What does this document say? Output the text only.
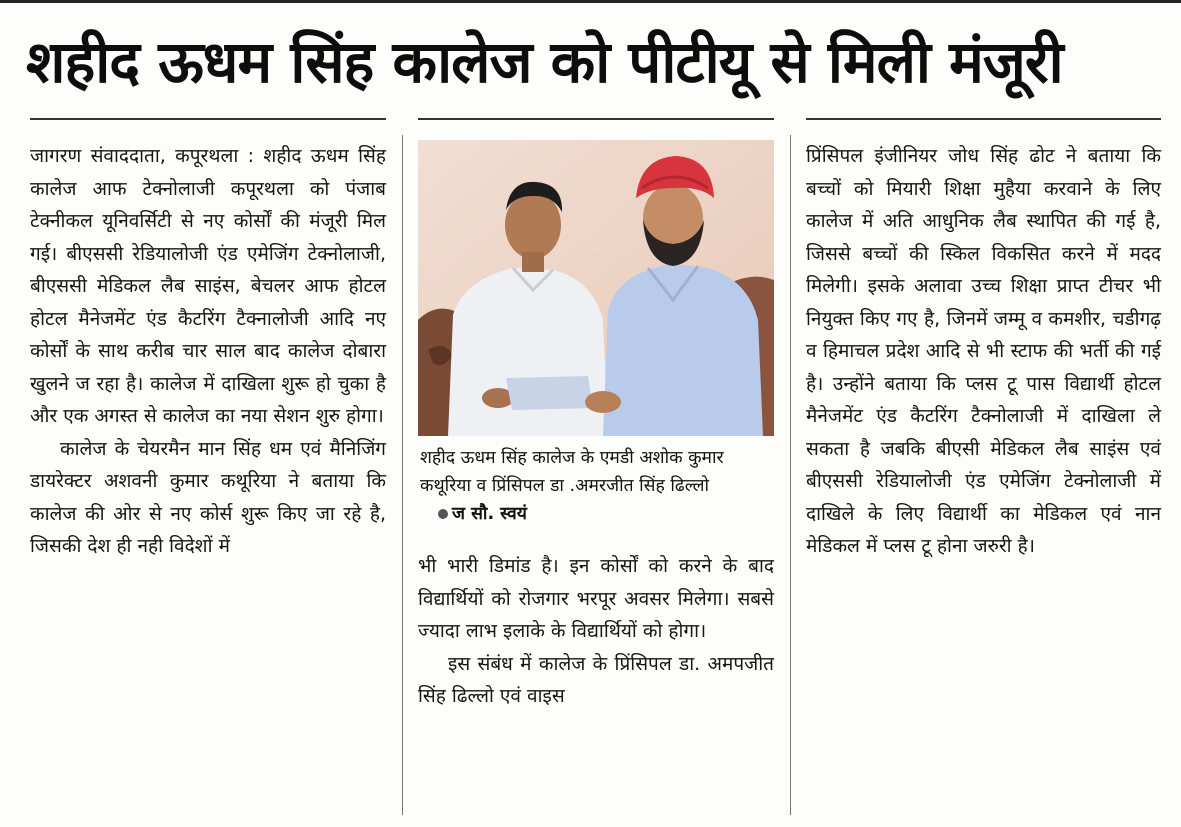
शहीद ऊधम सिंह कालेज को पीटीयू से मिली मंजूरी

जागरण संवाददाता, कपूरथला : शहीद ऊधम सिंह कालेज आफ टेक्नोलाजी कपूरथला को पंजाब टेक्नीकल यूनिवर्सिटी से नए कोर्सों की मंजूरी मिल गई। बीएससी रेडियालोजी एंड एमेजिंग टेक्नोलाजी, बीएससी मेडिकल लैब साइंस, बेचलर आफ होटल होटल मैनेजमेंट एंड कैटरिंग टैक्नालोजी आदि नए कोर्सों के साथ करीब चार साल बाद कालेज दोबारा खुलने ज रहा है। कालेज में दाखिला शुरू हो चुका है और एक अगस्त से कालेज का नया सेशन शुरु होगा।

कालेज के चेयरमैन मान सिंह धम एवं मैनिजिंग डायरेक्टर अशवनी कुमार कथूरिया ने बताया कि कालेज की ओर से नए कोर्स शुरू किए जा रहे है, जिसकी देश ही नही विदेशों में

शहीद ऊधम सिंह कालेज के एमडी अशोक कुमार कथूरिया व प्रिंसिपल डा .अमरजीत सिंह ढिल्लो ज सौ. स्वयं

भी भारी डिमांड है। इन कोर्सों को करने के बाद विद्यार्थियों को रोजगार भरपूर अवसर मिलेगा। सबसे ज्यादा लाभ इलाके के विद्यार्थियों को होगा।

इस संबंध में कालेज के प्रिंसिपल डा. अमपजीत सिंह ढिल्लो एवं वाइस

प्रिंसिपल इंजीनियर जोध सिंह ढोट ने बताया कि बच्चों को मियारी शिक्षा मुहैया करवाने के लिए कालेज में अति आधुनिक लैब स्थापित की गई है, जिससे बच्चों की स्किल विकसित करने में मदद मिलेगी। इसके अलावा उच्च शिक्षा प्राप्त टीचर भी नियुक्त किए गए है, जिनमें जम्मू व कमशीर, चडीगढ़ व हिमाचल प्रदेश आदि से भी स्टाफ की भर्ती की गई है। उन्होंने बताया कि प्लस टू पास विद्यार्थी होटल मैनेजमेंट एंड कैटरिंग टैक्नोलाजी में दाखिला ले सकता है जबकि बीएसी मेडिकल लैब साइंस एवं बीएससी रेडियालोजी एंड एमेजिंग टेक्नोलाजी में दाखिले के लिए विद्यार्थी का मेडिकल एवं नान मेडिकल में प्लस टू होना जरुरी है।
